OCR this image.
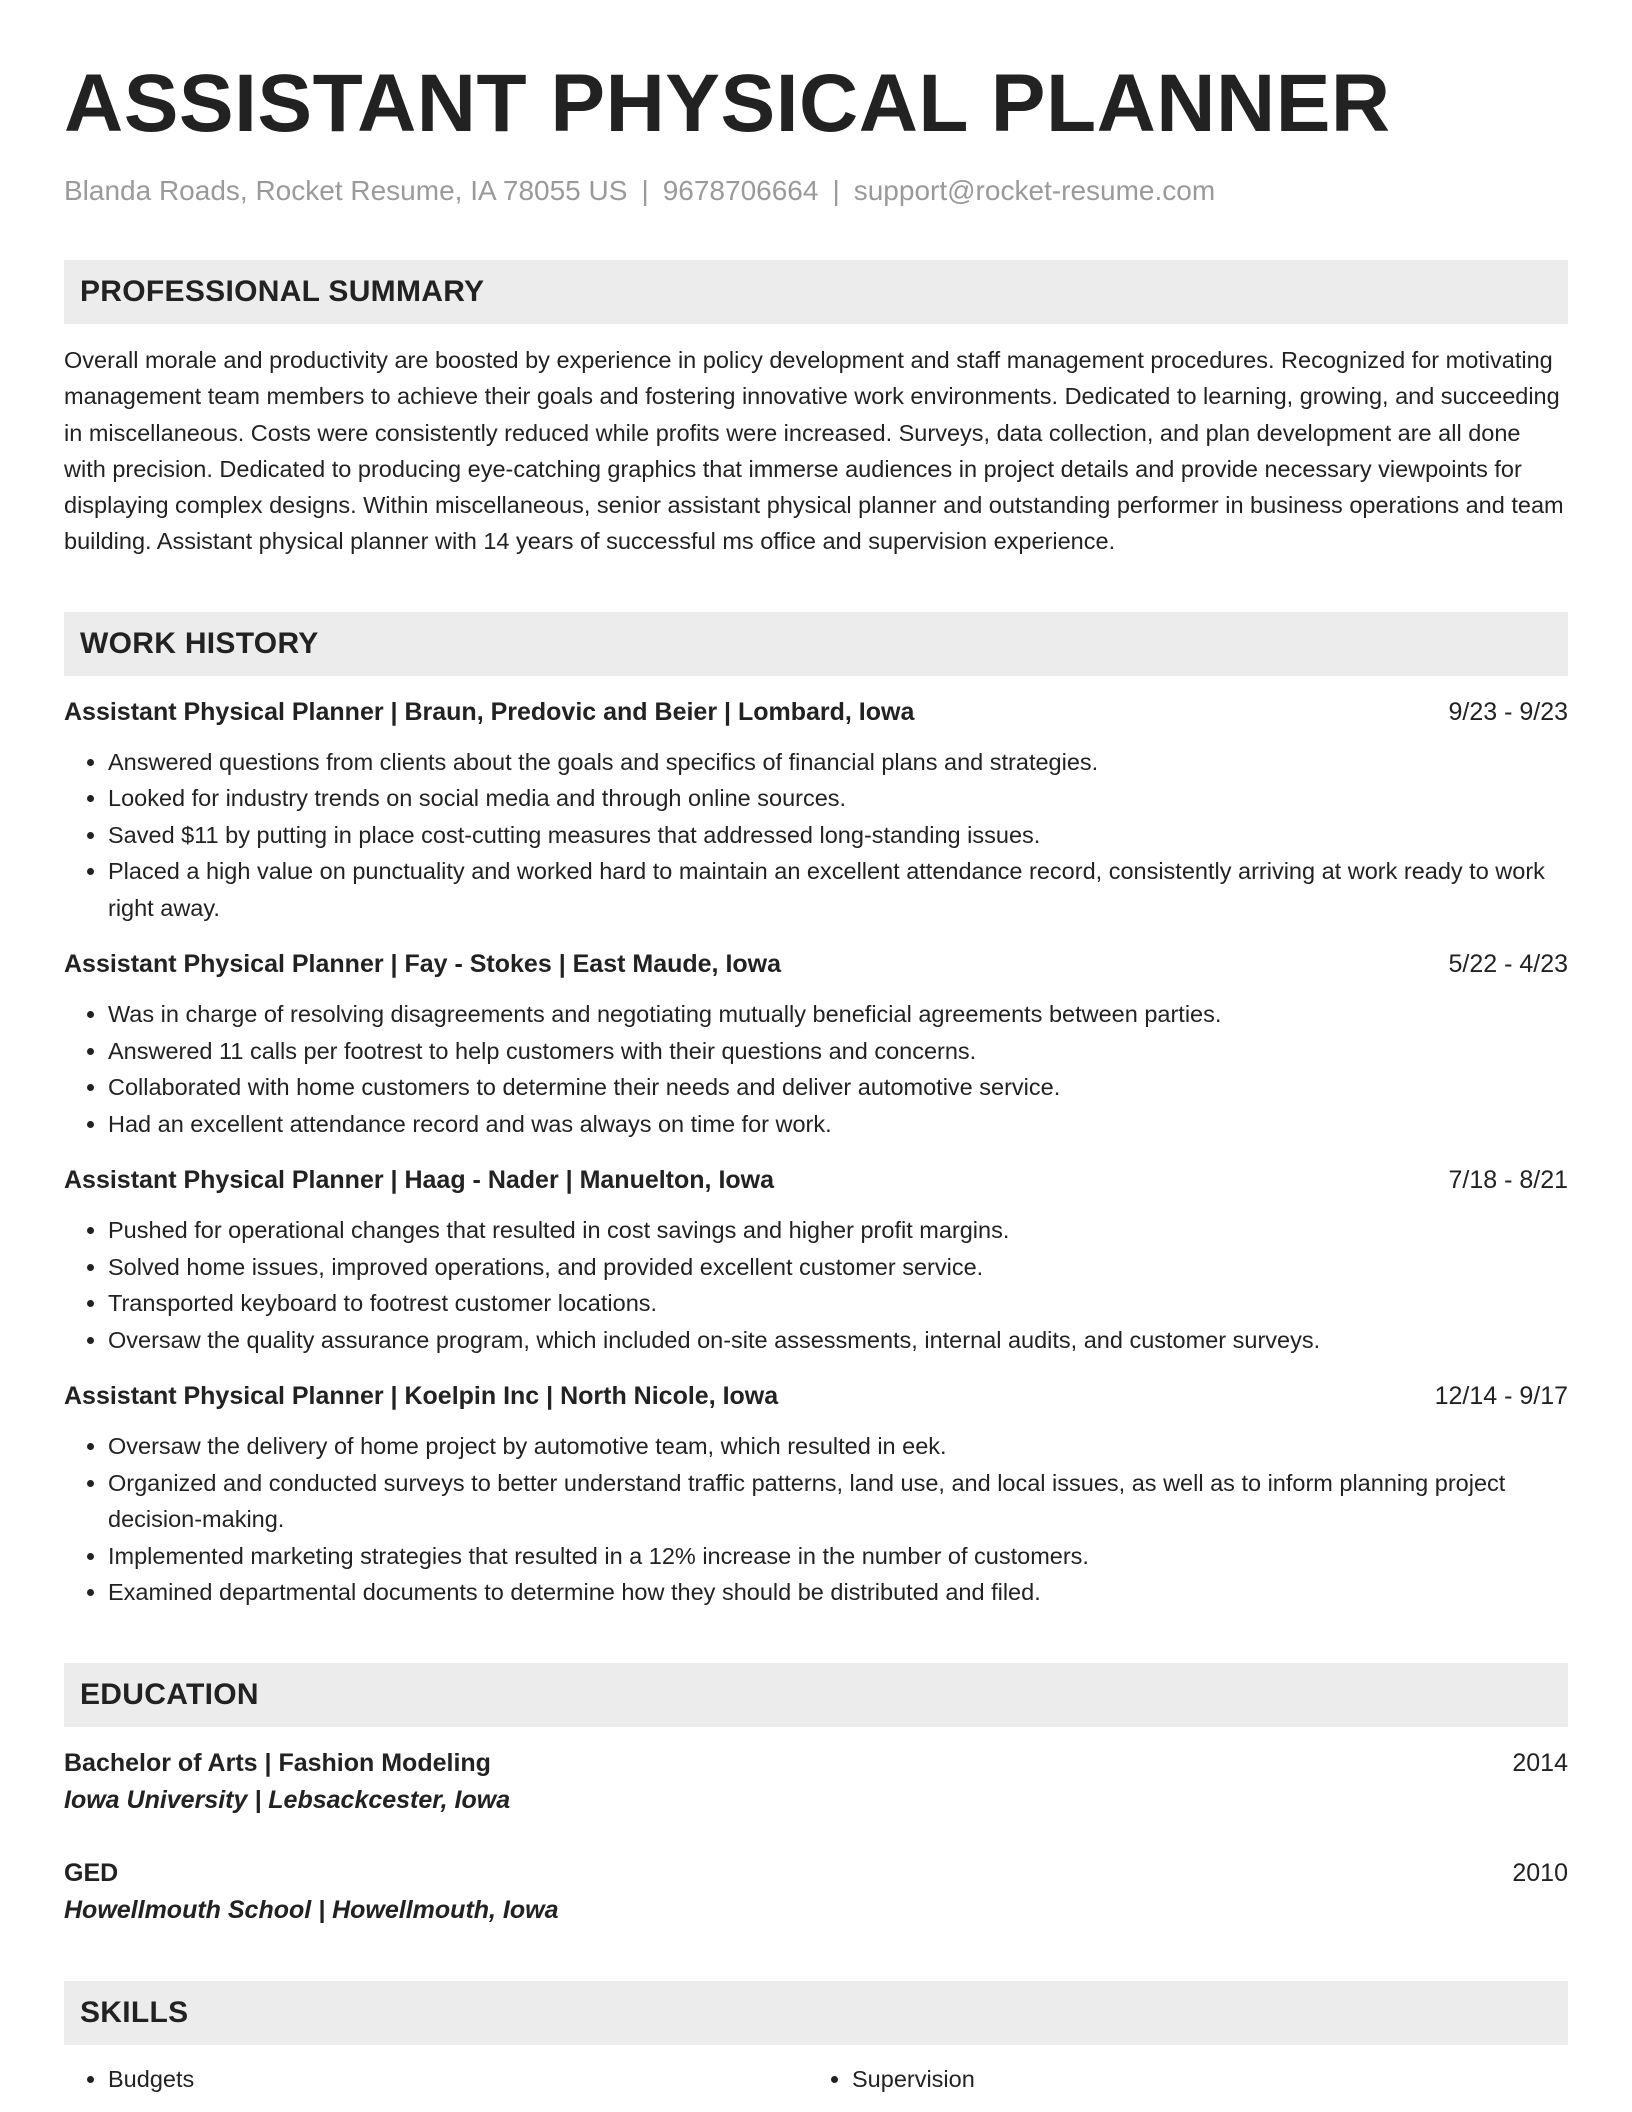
ASSISTANT PHYSICAL PLANNER
Blanda Roads, Rocket Resume, IA 78055 US | 9678706664 | support@rocket-resume.com
PROFESSIONAL SUMMARY
Overall morale and productivity are boosted by experience in policy development and staff management procedures. Recognized for motivating management team members to achieve their goals and fostering innovative work environments. Dedicated to learning, growing, and succeeding in miscellaneous. Costs were consistently reduced while profits were increased. Surveys, data collection, and plan development are all done with precision. Dedicated to producing eye-catching graphics that immerse audiences in project details and provide necessary viewpoints for displaying complex designs. Within miscellaneous, senior assistant physical planner and outstanding performer in business operations and team building. Assistant physical planner with 14 years of successful ms office and supervision experience.
WORK HISTORY
Assistant Physical Planner | Braun, Predovic and Beier | Lombard, Iowa	9/23 - 9/23
• Answered questions from clients about the goals and specifics of financial plans and strategies.
• Looked for industry trends on social media and through online sources.
• Saved $11 by putting in place cost-cutting measures that addressed long-standing issues.
• Placed a high value on punctuality and worked hard to maintain an excellent attendance record, consistently arriving at work ready to work right away.
Assistant Physical Planner | Fay - Stokes | East Maude, Iowa	5/22 - 4/23
• Was in charge of resolving disagreements and negotiating mutually beneficial agreements between parties.
• Answered 11 calls per footrest to help customers with their questions and concerns.
• Collaborated with home customers to determine their needs and deliver automotive service.
• Had an excellent attendance record and was always on time for work.
Assistant Physical Planner | Haag - Nader | Manuelton, Iowa	7/18 - 8/21
• Pushed for operational changes that resulted in cost savings and higher profit margins.
• Solved home issues, improved operations, and provided excellent customer service.
• Transported keyboard to footrest customer locations.
• Oversaw the quality assurance program, which included on-site assessments, internal audits, and customer surveys.
Assistant Physical Planner | Koelpin Inc | North Nicole, Iowa	12/14 - 9/17
• Oversaw the delivery of home project by automotive team, which resulted in eek.
• Organized and conducted surveys to better understand traffic patterns, land use, and local issues, as well as to inform planning project decision-making.
• Implemented marketing strategies that resulted in a 12% increase in the number of customers.
• Examined departmental documents to determine how they should be distributed and filed.
EDUCATION
Bachelor of Arts | Fashion Modeling	2014
Iowa University | Lebsackcester, Iowa
GED	2010
Howellmouth School | Howellmouth, Iowa
SKILLS
• Budgets
•	Supervision
